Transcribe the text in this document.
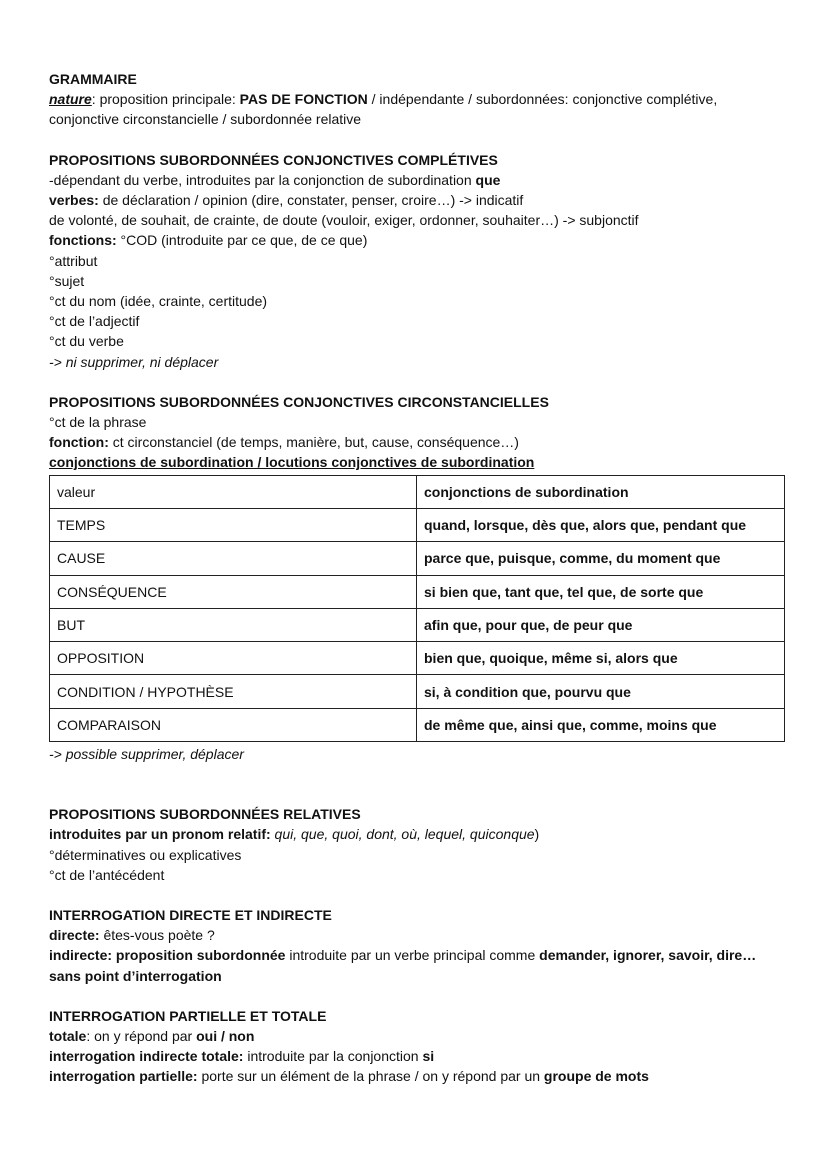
GRAMMAIRE
nature: proposition principale: PAS DE FONCTION / indépendante / subordonnées: conjonctive complétive, conjonctive circonstancielle / subordonnée relative
PROPOSITIONS SUBORDONNÉES CONJONCTIVES COMPLÉTIVES
-dépendant du verbe, introduites par la conjonction de subordination que
verbes: de déclaration / opinion (dire, constater, penser, croire…) -> indicatif
de volonté, de souhait, de crainte, de doute (vouloir, exiger, ordonner, souhaiter…) -> subjonctif
fonctions: °COD (introduite par ce que, de ce que)
°attribut
°sujet
°ct du nom (idée, crainte, certitude)
°ct de l’adjectif
°ct du verbe
-> ni supprimer, ni déplacer
PROPOSITIONS SUBORDONNÉES CONJONCTIVES CIRCONSTANCIELLES
°ct de la phrase
fonction: ct circonstanciel (de temps, manière, but, cause, conséquence…)
conjonctions de subordination / locutions conjonctives de subordination
valeur	conjonctions de subordination
TEMPS	quand, lorsque, dès que, alors que, pendant que
CAUSE	parce que, puisque, comme, du moment que
CONSÉQUENCE	si bien que, tant que, tel que, de sorte que
BUT	afin que, pour que, de peur que
OPPOSITION	bien que, quoique, même si, alors que
CONDITION / HYPOTHÈSE	si, à condition que, pourvu que
COMPARAISON	de même que, ainsi que, comme, moins que
-> possible supprimer, déplacer
PROPOSITIONS SUBORDONNÉES RELATIVES
introduites par un pronom relatif: qui, que, quoi, dont, où, lequel, quiconque)
°déterminatives ou explicatives
°ct de l’antécédent
INTERROGATION DIRECTE ET INDIRECTE
directe: êtes-vous poète ?
indirecte: proposition subordonnée introduite par un verbe principal comme demander, ignorer, savoir, dire… sans point d’interrogation
INTERROGATION PARTIELLE ET TOTALE
totale: on y répond par oui / non
interrogation indirecte totale: introduite par la conjonction si
interrogation partielle: porte sur un élément de la phrase / on y répond par un groupe de mots
